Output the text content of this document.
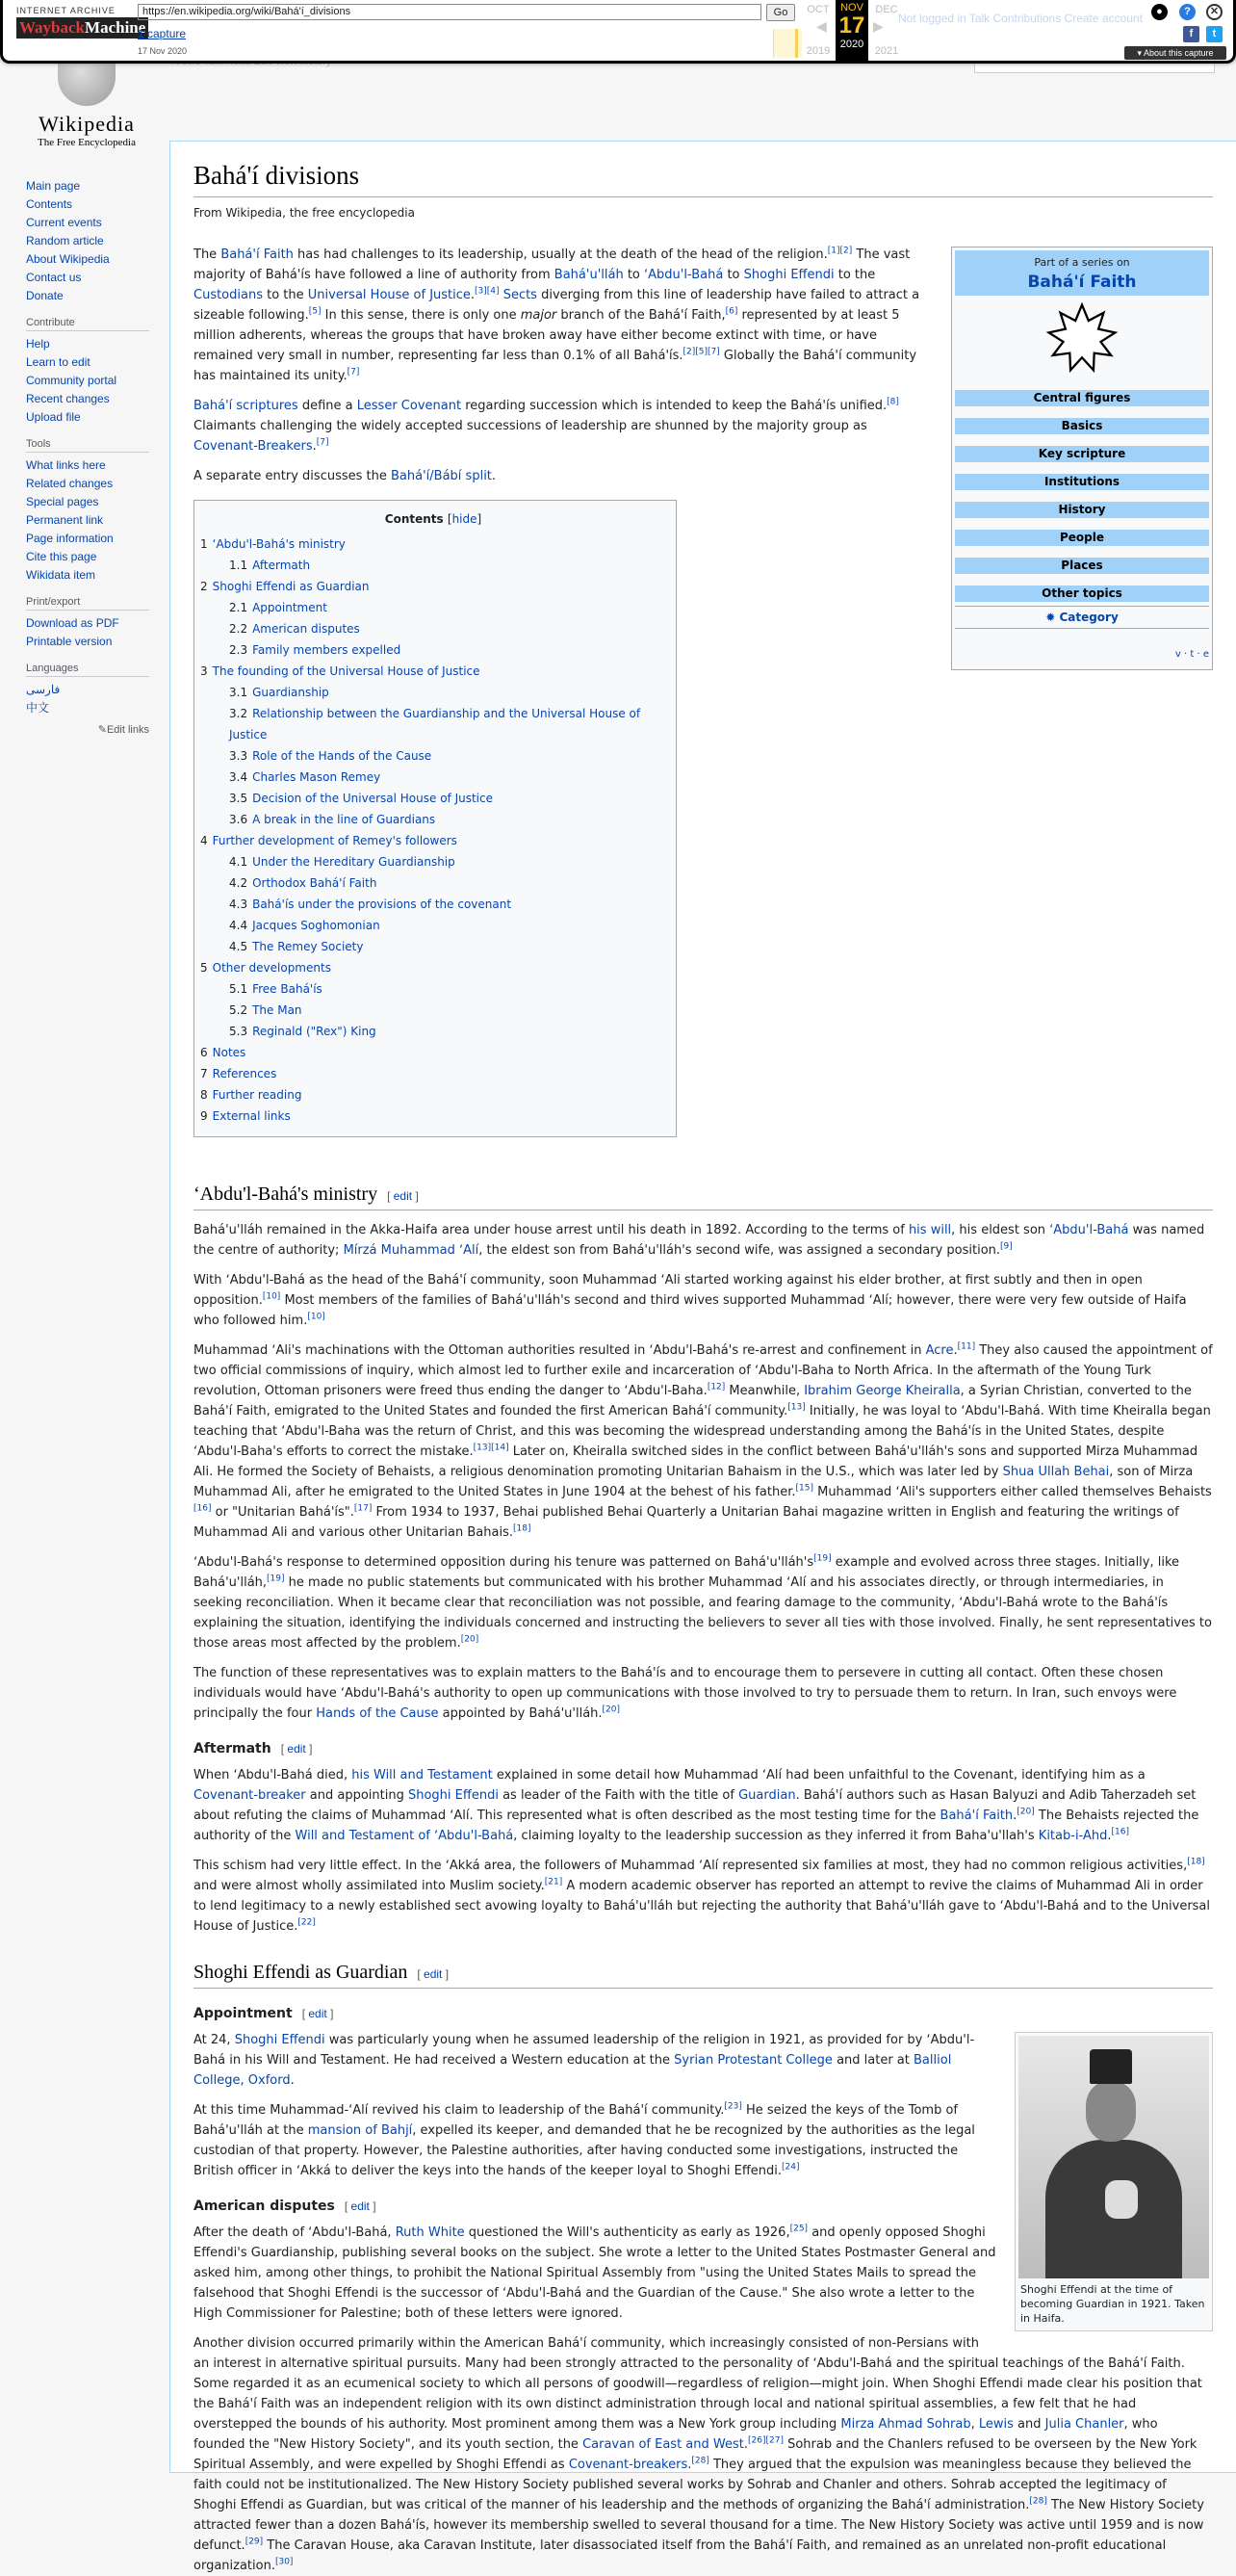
INTERNET ARCHIVE
WaybackMachine
https://en.wikipedia.org/wiki/Bahá'í_divisions	Go
1 capture
17 Nov 2020
OCT
2019
◀
NOV
17
2020
▶
DEC
2021
Not logged in Talk Contributions Create account	●	?	✕
f	t
▾ About this capture
Wikipedia
The Free Encyclopedia
Main page
Contents
Current events
Random article
About Wikipedia
Contact us
Donate
Contribute
Help
Learn to edit
Community portal
Recent changes
Upload file
Tools
What links here
Related changes
Special pages
Permanent link
Page information
Cite this page
Wikidata item
Print/export
Download as PDF
Printable version
Languages
فارسی
中文
✎Edit links
Bahá'í divisions
From Wikipedia, the free encyclopedia
Part of a series on
Bahá'í Faith
Central figures
Basics
Key scripture
Institutions
History
People
Places
Other topics
✹ Category
v · t · e

The Bahá'í Faith has had challenges to its leadership, usually at the death of the head of the religion.[1][2] The vast majority of Bahá'ís have followed a line of authority from Bahá'u'lláh to ʻAbdu'l-Bahá to Shoghi Effendi to the Custodians to the Universal House of Justice.[3][4] Sects diverging from this line of leadership have failed to attract a sizeable following.[5] In this sense, there is only one major branch of the Bahá'í Faith,[6] represented by at least 5 million adherents, whereas the groups that have broken away have either become extinct with time, or have remained very small in number, representing far less than 0.1% of all Bahá'ís.[2][5][7] Globally the Bahá'í community has maintained its unity.[7]

Bahá'í scriptures define a Lesser Covenant regarding succession which is intended to keep the Bahá'ís unified.[8] Claimants challenging the widely accepted successions of leadership are shunned by the majority group as Covenant-Breakers.[7]

A separate entry discusses the Bahá'í/Bábí split.

Contents [hide]
1 ʻAbdu'l-Bahá's ministry
1.1 Aftermath
2 Shoghi Effendi as Guardian
2.1 Appointment
2.2 American disputes
2.3 Family members expelled
3 The founding of the Universal House of Justice
3.1 Guardianship
3.2 Relationship between the Guardianship and the Universal House of Justice
3.3 Role of the Hands of the Cause
3.4 Charles Mason Remey
3.5 Decision of the Universal House of Justice
3.6 A break in the line of Guardians
4 Further development of Remey's followers
4.1 Under the Hereditary Guardianship
4.2 Orthodox Bahá'í Faith
4.3 Bahá'ís under the provisions of the covenant
4.4 Jacques Soghomonian
4.5 The Remey Society
5 Other developments
5.1 Free Bahá'ís
5.2 The Man
5.3 Reginald ("Rex") King
6 Notes
7 References
8 Further reading
9 External links
ʻAbdu'l-Bahá's ministry [ edit ]

Bahá'u'lláh remained in the Akka-Haifa area under house arrest until his death in 1892. According to the terms of his will, his eldest son ʻAbdu'l-Bahá was named the centre of authority; Mírzá Muhammad ʻAlí, the eldest son from Bahá'u'lláh's second wife, was assigned a secondary position.[9]

With ʻAbdu'l-Bahá as the head of the Bahá'í community, soon Muhammad ʻAli started working against his elder brother, at first subtly and then in open opposition.[10] Most members of the families of Bahá'u'lláh's second and third wives supported Muhammad ʻAlí; however, there were very few outside of Haifa who followed him.[10]

Muhammad ʻAli's machinations with the Ottoman authorities resulted in ʻAbdu'l-Bahá's re-arrest and confinement in Acre.[11] They also caused the appointment of two official commissions of inquiry, which almost led to further exile and incarceration of ʻAbdu'l-Baha to North Africa. In the aftermath of the Young Turk revolution, Ottoman prisoners were freed thus ending the danger to ʻAbdu'l-Baha.[12] Meanwhile, Ibrahim George Kheiralla, a Syrian Christian, converted to the Bahá'í Faith, emigrated to the United States and founded the first American Bahá'í community.[13] Initially, he was loyal to ʻAbdu'l-Bahá. With time Kheiralla began teaching that ʻAbdu'l-Baha was the return of Christ, and this was becoming the widespread understanding among the Bahá'ís in the United States, despite ʻAbdu'l-Baha's efforts to correct the mistake.[13][14] Later on, Kheiralla switched sides in the conflict between Bahá'u'lláh's sons and supported Mirza Muhammad Ali. He formed the Society of Behaists, a religious denomination promoting Unitarian Bahaism in the U.S., which was later led by Shua Ullah Behai, son of Mirza Muhammad Ali, after he emigrated to the United States in June 1904 at the behest of his father.[15] Muhammad ʻAli's supporters either called themselves Behaists [16] or "Unitarian Bahá'ís".[17] From 1934 to 1937, Behai published Behai Quarterly a Unitarian Bahai magazine written in English and featuring the writings of Muhammad Ali and various other Unitarian Bahais.[18]

ʻAbdu'l-Bahá's response to determined opposition during his tenure was patterned on Bahá'u'lláh's[19] example and evolved across three stages. Initially, like Bahá'u'lláh,[19] he made no public statements but communicated with his brother Muhammad ʻAlí and his associates directly, or through intermediaries, in seeking reconciliation. When it became clear that reconciliation was not possible, and fearing damage to the community, ʻAbdu'l-Bahá wrote to the Bahá'ís explaining the situation, identifying the individuals concerned and instructing the believers to sever all ties with those involved. Finally, he sent representatives to those areas most affected by the problem.[20]

The function of these representatives was to explain matters to the Bahá'ís and to encourage them to persevere in cutting all contact. Often these chosen individuals would have ʻAbdu'l-Bahá's authority to open up communications with those involved to try to persuade them to return. In Iran, such envoys were principally the four Hands of the Cause appointed by Bahá'u'lláh.[20]

Aftermath [ edit ]

When ʻAbdu'l-Bahá died, his Will and Testament explained in some detail how Muhammad ʻAlí had been unfaithful to the Covenant, identifying him as a Covenant-breaker and appointing Shoghi Effendi as leader of the Faith with the title of Guardian. Bahá'í authors such as Hasan Balyuzi and Adib Taherzadeh set about refuting the claims of Muhammad ʻAlí. This represented what is often described as the most testing time for the Bahá'í Faith.[20] The Behaists rejected the authority of the Will and Testament of ʻAbdu'l-Bahá, claiming loyalty to the leadership succession as they inferred it from Baha'u'llah's Kitab-i-Ahd.[16]

This schism had very little effect. In the ʻAkká area, the followers of Muhammad ʻAlí represented six families at most, they had no common religious activities,[18] and were almost wholly assimilated into Muslim society.[21] A modern academic observer has reported an attempt to revive the claims of Muhammad Ali in order to lend legitimacy to a newly established sect avowing loyalty to Bahá'u'lláh but rejecting the authority that Bahá'u'lláh gave to ʻAbdu'l-Bahá and to the Universal House of Justice.[22]

Shoghi Effendi as Guardian [ edit ]
Appointment [ edit ]
Shoghi Effendi at the time of becoming Guardian in 1921. Taken in Haifa.

At 24, Shoghi Effendi was particularly young when he assumed leadership of the religion in 1921, as provided for by ʻAbdu'l-Bahá in his Will and Testament. He had received a Western education at the Syrian Protestant College and later at Balliol College, Oxford.

At this time Muhammad-ʻAlí revived his claim to leadership of the Bahá'í community.[23] He seized the keys of the Tomb of Bahá'u'lláh at the mansion of Bahjí, expelled its keeper, and demanded that he be recognized by the authorities as the legal custodian of that property. However, the Palestine authorities, after having conducted some investigations, instructed the British officer in ʻAkká to deliver the keys into the hands of the keeper loyal to Shoghi Effendi.[24]

American disputes [ edit ]

After the death of ʻAbdu'l-Bahá, Ruth White questioned the Will's authenticity as early as 1926,[25] and openly opposed Shoghi Effendi's Guardianship, publishing several books on the subject. She wrote a letter to the United States Postmaster General and asked him, among other things, to prohibit the National Spiritual Assembly from "using the United States Mails to spread the falsehood that Shoghi Effendi is the successor of ʻAbdu'l-Bahá and the Guardian of the Cause." She also wrote a letter to the High Commissioner for Palestine; both of these letters were ignored.

Another division occurred primarily within the American Bahá'í community, which increasingly consisted of non-Persians with an interest in alternative spiritual pursuits. Many had been strongly attracted to the personality of ʻAbdu'l-Bahá and the spiritual teachings of the Bahá'í Faith. Some regarded it as an ecumenical society to which all persons of goodwill—regardless of religion—might join. When Shoghi Effendi made clear his position that the Bahá'í Faith was an independent religion with its own distinct administration through local and national spiritual assemblies, a few felt that he had overstepped the bounds of his authority. Most prominent among them was a New York group including Mirza Ahmad Sohrab, Lewis and Julia Chanler, who founded the "New History Society", and its youth section, the Caravan of East and West.[26][27] Sohrab and the Chanlers refused to be overseen by the New York Spiritual Assembly, and were expelled by Shoghi Effendi as Covenant-breakers.[28] They argued that the expulsion was meaningless because they believed the faith could not be institutionalized. The New History Society published several works by Sohrab and Chanler and others. Sohrab accepted the legitimacy of Shoghi Effendi as Guardian, but was critical of the manner of his leadership and the methods of organizing the Bahá'í administration.[28] The New History Society attracted fewer than a dozen Bahá'ís, however its membership swelled to several thousand for a time. The New History Society was active until 1959 and is now defunct.[29] The Caravan House, aka Caravan Institute, later disassociated itself from the Bahá'í Faith, and remained as an unrelated non-profit educational organization.[30]
